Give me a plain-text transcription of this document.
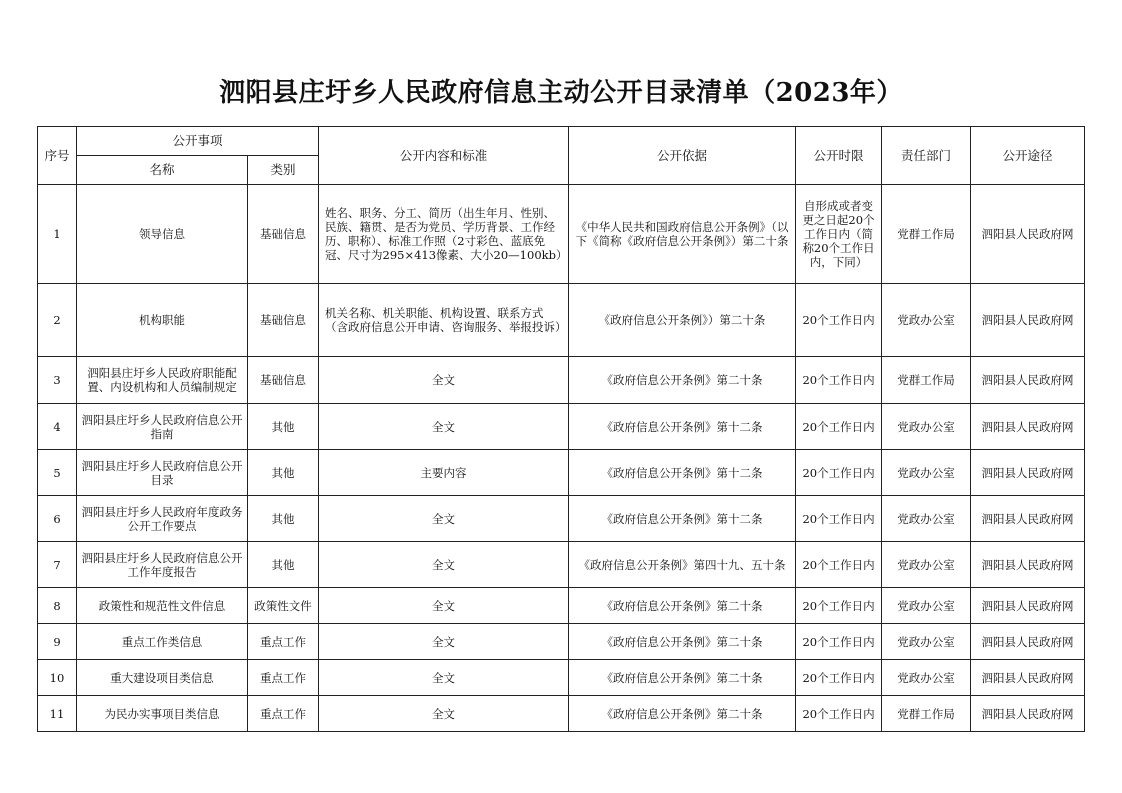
泗阳县庄圩乡人民政府信息主动公开目录清单（2023年）
序号	公开事项		公开内容和标准	公开依据	公开时限	责任部门	公开途径
	名称	类别					
1	领导信息	基础信息	姓名、职务、分工、简历（出生年月、性别、民族、籍贯、是否为党员、学历背景、工作经历、职称）、标准工作照（2寸彩色、蓝底免冠、尺寸为295×413像素、大小20—100kb）	《中华人民共和国政府信息公开条例》（以下《简称《政府信息公开条例》）第二十条	自形成或者变更之日起20个工作日内（简称20个工作日内，下同）	党群工作局	泗阳县人民政府网
2	机构职能	基础信息	机关名称、机关职能、机构设置、联系方式（含政府信息公开申请、咨询服务、举报投诉）	《政府信息公开条例》）第二十条	20个工作日内	党政办公室	泗阳县人民政府网
3	泗阳县庄圩乡人民政府职能配置、内设机构和人员编制规定	基础信息	全文	《政府信息公开条例》第二十条	20个工作日内	党群工作局	泗阳县人民政府网
4	泗阳县庄圩乡人民政府信息公开指南	其他	全文	《政府信息公开条例》第十二条	20个工作日内	党政办公室	泗阳县人民政府网
5	泗阳县庄圩乡人民政府信息公开目录	其他	主要内容	《政府信息公开条例》第十二条	20个工作日内	党政办公室	泗阳县人民政府网
6	泗阳县庄圩乡人民政府年度政务公开工作要点	其他	全文	《政府信息公开条例》第十二条	20个工作日内	党政办公室	泗阳县人民政府网
7	泗阳县庄圩乡人民政府信息公开工作年度报告	其他	全文	《政府信息公开条例》第四十九、五十条	20个工作日内	党政办公室	泗阳县人民政府网
8	政策性和规范性文件信息	政策性文件	全文	《政府信息公开条例》第二十条	20个工作日内	党政办公室	泗阳县人民政府网
9	重点工作类信息	重点工作	全文	《政府信息公开条例》第二十条	20个工作日内	党政办公室	泗阳县人民政府网
10	重大建设项目类信息	重点工作	全文	《政府信息公开条例》第二十条	20个工作日内	党政办公室	泗阳县人民政府网
11	为民办实事项目类信息	重点工作	全文	《政府信息公开条例》第二十条	20个工作日内	党群工作局	泗阳县人民政府网
